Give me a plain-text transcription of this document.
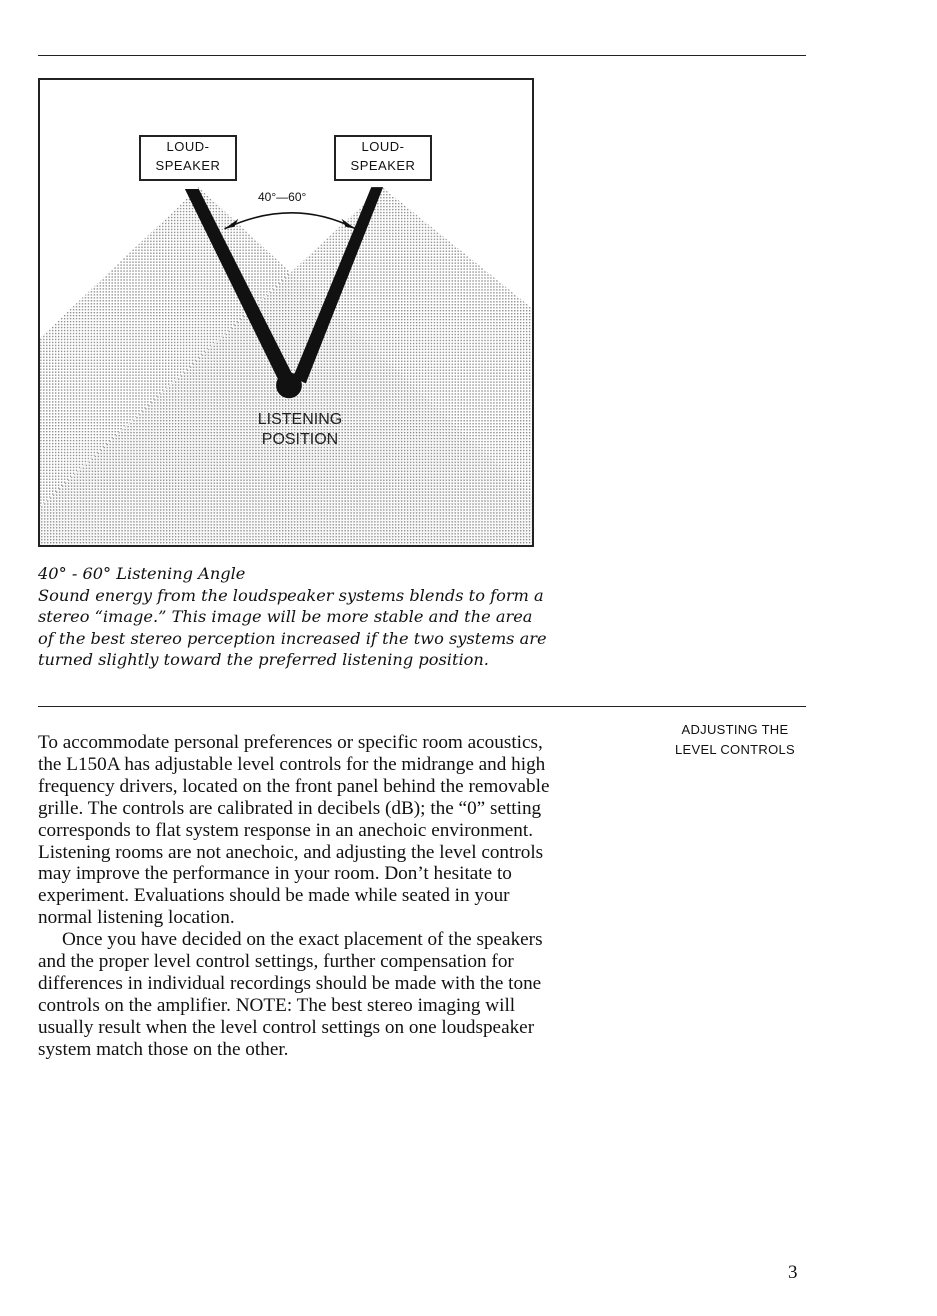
LOUD-
SPEAKER
LOUD-
SPEAKER
40°—60°
LISTENING
POSITION

40° - 60° Listening Angle

Sound energy from the loudspeaker systems blends to form a stereo “image.” This image will be more stable and the area of the best stereo perception increased if the two systems are turned slightly toward the preferred listening position.

To accommodate personal preferences or specific room acoustics, the L150A has adjustable level controls for the midrange and high frequency drivers, located on the front panel behind the removable grille. The controls are calibrated in decibels (dB); the “0” setting corresponds to flat system response in an anechoic environment. Listening rooms are not anechoic, and adjusting the level controls may improve the performance in your room. Don’t hesitate to experiment. Evaluations should be made while seated in your normal listening location.

Once you have decided on the exact placement of the speakers and the proper level control settings, further compensation for differences in individual recordings should be made with the tone controls on the amplifier. NOTE: The best stereo imaging will usually result when the level control settings on one loudspeaker system match those on the other.

ADJUSTING THE
LEVEL CONTROLS
3
